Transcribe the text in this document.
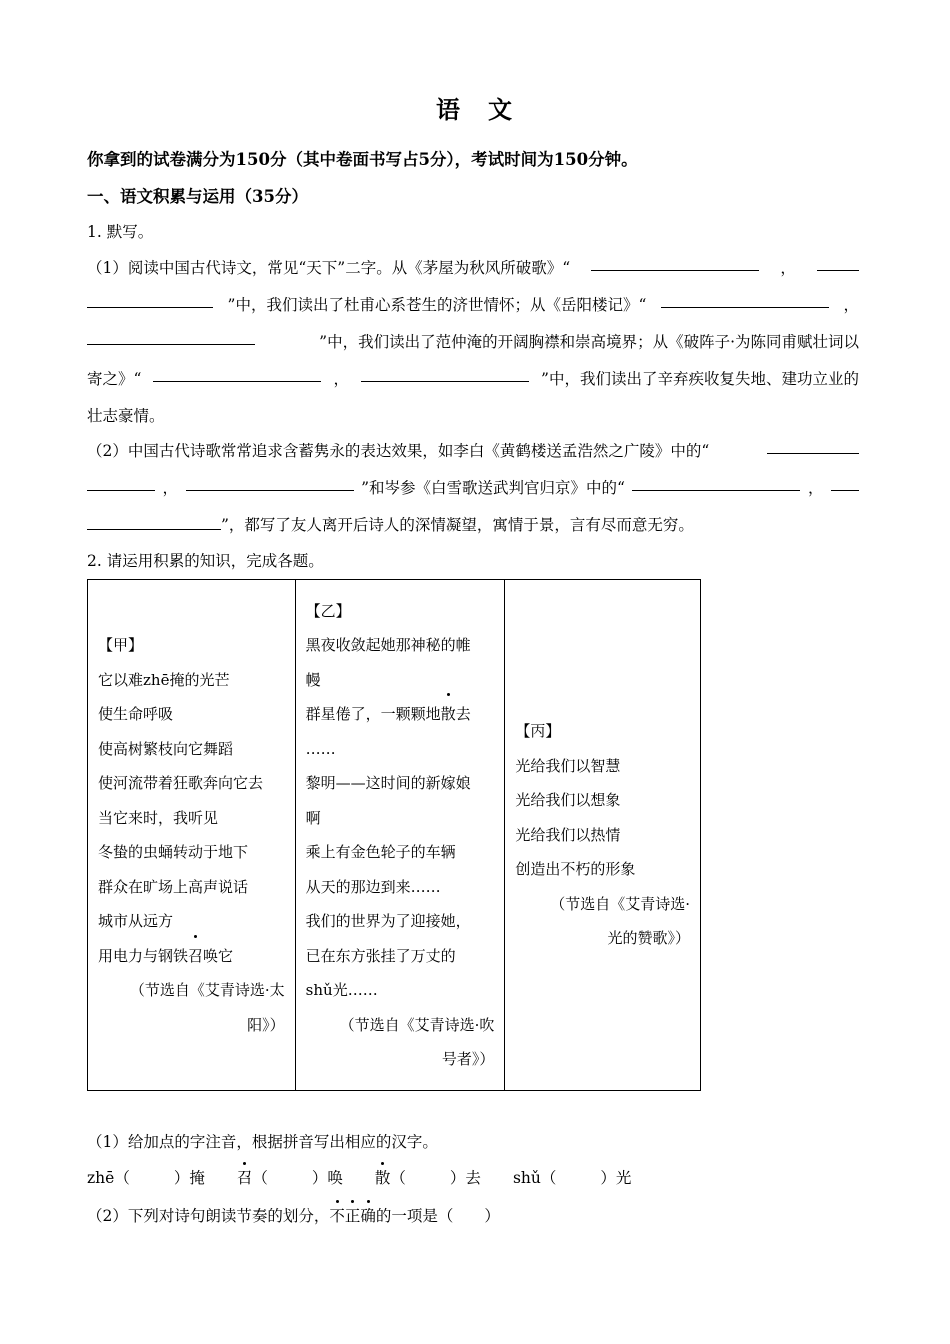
语　文
你拿到的试卷满分为150分（其中卷面书写占5分），考试时间为150分钟。
一、语文积累与运用（35分）
1. 默写。
（1）阅读中国古代诗文，常见“天下”二字。从《茅屋为秋风所破歌》“	，
”中，我们读出了杜甫心系苍生的济世情怀；从《岳阳楼记》“	，
”中，我们读出了范仲淹的开阔胸襟和崇高境界；从《破阵子·为陈同甫赋壮词以
寄之》“	，	”中，我们读出了辛弃疾收复失地、建功立业的
壮志豪情。
（2）中国古代诗歌常常追求含蓄隽永的表达效果，如李白《黄鹤楼送孟浩然之广陵》中的“
，	”和岑参《白雪歌送武判官归京》中的“	，
”，都写了友人离开后诗人的深情凝望，寓情于景，言有尽而意无穷。
2. 请运用积累的知识，完成各题。
【甲】
它以难zhē掩的光芒
使生命呼吸
使高树繁枝向它舞蹈
使河流带着狂歌奔向它去
当它来时，我听见
冬蛰的虫蛹转动于地下
群众在旷场上高声说话
城市从远方
用电力与钢铁召唤它
（节选自《艾青诗选·太
阳》）

【乙】
黑夜收敛起她那神秘的帷
幔
群星倦了，一颗颗地散去
……
黎明——这时间的新嫁娘
啊
乘上有金色轮子的车辆
从天的那边到来……
我们的世界为了迎接她，
已在东方张挂了万丈的
shǔ光……
（节选自《艾青诗选·吹
号者》）

【丙】
光给我们以智慧
光给我们以想象
光给我们以热情
创造出不朽的形象
（节选自《艾青诗选·
光的赞歌》）
（1）给加点的字注音，根据拼音写出相应的汉字。
zhē（	）掩 召（	）唤 散（	）去 shǔ（	）光
（2）下列对诗句朗读节奏的划分，不正确的一项是（　　）
